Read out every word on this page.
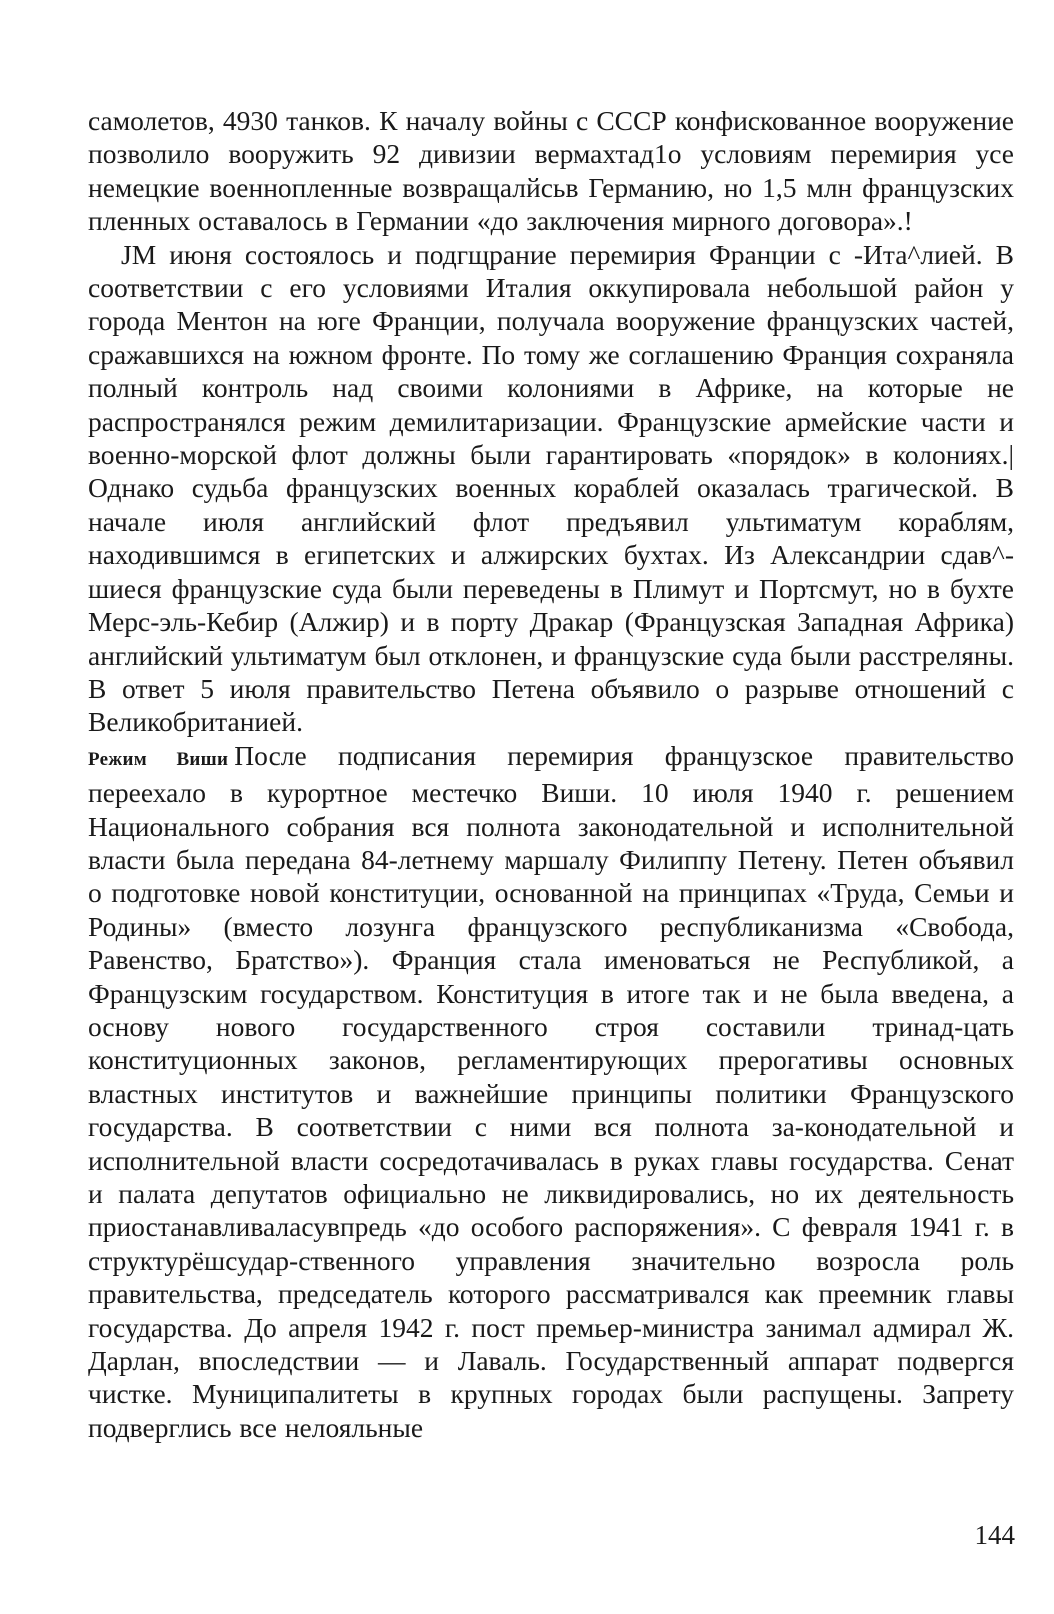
самолетов, 4930 танков. К началу войны с СССР конфискованное вооружение позволило вооружить 92 дивизии вермахтад1о условиям перемирия усе немецкие военнопленные возвращалйсьв Германию, но 1,5 млн французских пленных оставалось в Германии «до заключения мирного договора».!

JM июня состоялось и подгщрание перемирия Франции с -Ита^лией. В соответствии с его условиями Италия оккупировала небольшой район у города Ментон на юге Франции, получала вооружение французских частей, сражавшихся на южном фронте. По тому же соглашению Франция сохраняла полный контроль над своими колониями в Африке, на которые не распространялся режим демилитаризации. Французские армейские части и военно-морской флот должны были гарантировать «порядок» в колониях.|Однако судьба французских военных кораблей оказалась трагической. В начале июля английский флот предъявил ультиматум кораблям, находившимся в египетских и алжирских бухтах. Из Александрии сдав^-шиеся французские суда были переведены в Плимут и Портсмут, но в бухте Мерс-эль-Кебир (Алжир) и в порту Дракар (Французская Западная Африка) английский ультиматум был отклонен, и французские суда были расстреляны. В ответ 5 июля правительство Петена объявило о разрыве отношений с Великобританией.

Режим Виши После подписания перемирия французское правительство переехало в курортное местечко Виши. 10 июля 1940 г. решением Национального собрания вся полнота законодательной и исполнительной власти была передана 84-летнему маршалу Филиппу Петену. Петен объявил о подготовке новой конституции, основанной на принципах «Труда, Семьи и Родины» (вместо лозунга французского республиканизма «Свобода, Равенство, Братство»). Франция стала именоваться не Республикой, а Французским государством. Конституция в итоге так и не была введена, а основу нового государственного строя составили тринад-цать конституционных законов, регламентирующих прерогативы основных властных институтов и важнейшие принципы политики Французского государства. В соответствии с ними вся полнота за-конодательной и исполнительной власти сосредотачивалась в руках главы государства. Сенат и палата депутатов официально не ликвидировались, но их деятельность приостанавливаласувпредь «до особого распоряжения». С февраля 1941 г. в структурёшсудар-ственного управления значительно возросла роль правительства, председатель которого рассматривался как преемник главы государства. До апреля 1942 г. пост премьер-министра занимал адмирал Ж. Дарлан, впоследствии — и Лаваль. Государственный аппарат подвергся чистке. Муниципалитеты в крупных городах были распущены. Запрету подверглись все нелояльные

144
